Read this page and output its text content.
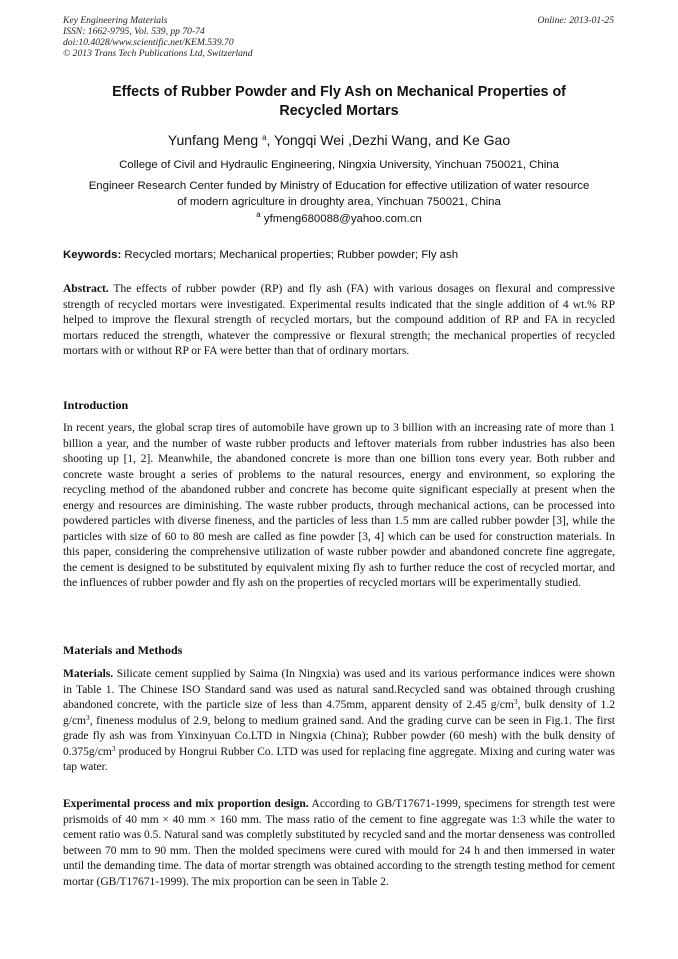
Key Engineering Materials
ISSN: 1662-9795, Vol. 539, pp 70-74
doi:10.4028/www.scientific.net/KEM.539.70
© 2013 Trans Tech Publications Ltd, Switzerland
Online: 2013-01-25
Effects of Rubber Powder and Fly Ash on Mechanical Properties of
Recycled Mortars
Yunfang Meng $^a$, Yongqi Wei ,Dezhi Wang, and Ke Gao
College of Civil and Hydraulic Engineering, Ningxia University, Yinchuan 750021, China
Engineer Research Center funded by Ministry of Education for effective utilization of water resource
of modern agriculture in droughty area, Yinchuan 750021, China
$^a$ yfmeng680088@yahoo.com.cn
Keywords: Recycled mortars; Mechanical properties; Rubber powder; Fly ash
Abstract. The effects of rubber powder (RP) and fly ash (FA) with various dosages on flexural and compressive strength of recycled mortars were investigated. Experimental results indicated that the single addition of 4 wt.% RP helped to improve the flexural strength of recycled mortars, but the compound addition of RP and FA in recycled mortars reduced the strength, whatever the compressive or flexural strength; the mechanical properties of recycled mortars with or without RP or FA were better than that of ordinary mortars.
Introduction
In recent years, the global scrap tires of automobile have grown up to 3 billion with an increasing rate of more than 1 billion a year, and the number of waste rubber products and leftover materials from rubber industries has also been shooting up [1, 2]. Meanwhile, the abandoned concrete is more than one billion tons every year. Both rubber and concrete waste brought a series of problems to the natural resources, energy and environment, so exploring the recycling method of the abandoned rubber and concrete has become quite significant especially at present when the energy and resources are diminishing. The waste rubber products, through mechanical actions, can be processed into powdered particles with diverse fineness, and the particles of less than 1.5 mm are called rubber powder [3], while the particles with size of 60 to 80 mesh are called as fine powder [3, 4] which can be used for construction materials. In this paper, considering the comprehensive utilization of waste rubber powder and abandoned concrete fine aggregate, the cement is designed to be substituted by equivalent mixing fly ash to further reduce the cost of recycled mortar, and the influences of rubber powder and fly ash on the properties of recycled mortars will be experimentally studied.
Materials and Methods
Materials. Silicate cement supplied by Saima (In Ningxia) was used and its various performance indices were shown in Table 1. The Chinese ISO Standard sand was used as natural sand.Recycled sand was obtained through crushing abandoned concrete, with the particle size of less than 4.75mm, apparent density of 2.45 $g/cm^3$, bulk density of 1.2 $g/cm^3$, fineness modulus of 2.9, belong to medium grained sand. And the grading curve can be seen in Fig.1. The first grade fly ash was from Yinxinyuan Co.LTD in Ningxia (China); Rubber powder (60 mesh) with the bulk density of $0.375g/cm^3$ produced by Hongrui Rubber Co. LTD was used for replacing fine aggregate. Mixing and curing water was tap water.
Experimental process and mix proportion design. According to GB/T17671-1999, specimens for strength test were prismoids of 40 mm × 40 mm × 160 mm. The mass ratio of the cement to fine aggregate was 1:3 while the water to cement ratio was 0.5. Natural sand was completly substituted by recycled sand and the mortar denseness was controlled between 70 mm to 90 mm. Then the molded specimens were cured with mould for 24 h and then immersed in water until the demanding time. The data of mortar strength was obtained according to the strength testing method for cement mortar (GB/T17671-1999). The mix proportion can be seen in Table 2.
